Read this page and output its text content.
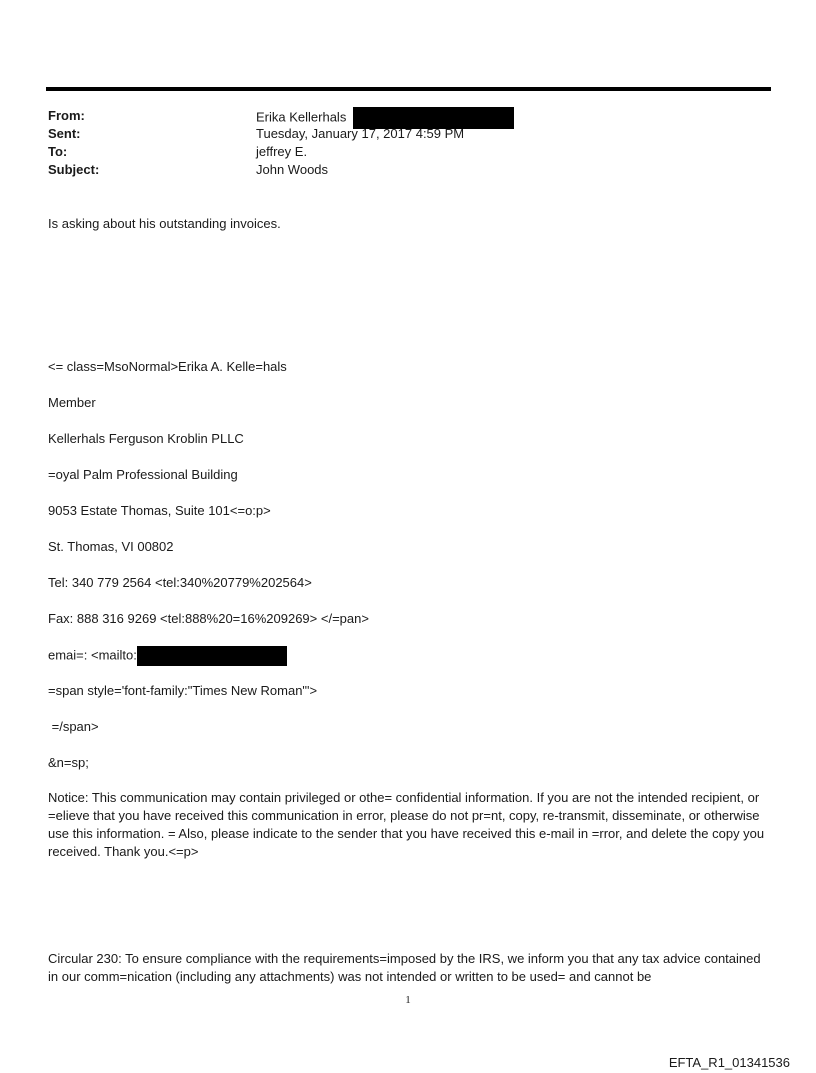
From:	Erika Kellerhals
Sent:	Tuesday, January 17, 2017 4:59 PM
To:	jeffrey E.
Subject:	John Woods
Is asking about his outstanding invoices.
<= class=MsoNormal>Erika A. Kelle=hals
Member
Kellerhals Ferguson Kroblin PLLC
=oyal Palm Professional Building
9053 Estate Thomas, Suite 101<=o:p>
St. Thomas, VI 00802
Tel: 340 779 2564 <tel:340%20779%202564>
Fax: 888 316 9269 <tel:888%20=16%209269> </=pan>
emai=: <mailto:
=span style='font-family:"Times New Roman"'>
=/span>
&n=sp;
Notice: This communication may contain privileged or othe= confidential information. If you are not the intended recipient, or =elieve that you have received this communication in error, please do not pr=nt, copy, re-transmit, disseminate, or otherwise use this information. = Also, please indicate to the sender that you have received this e-mail in =rror, and delete the copy you received. Thank you.<=p>
Circular 230: To ensure compliance with the requirements=imposed by the IRS, we inform you that any tax advice contained in our comm=nication (including any attachments) was not intended or written to be used= and cannot be
1
EFTA_R1_01341536
